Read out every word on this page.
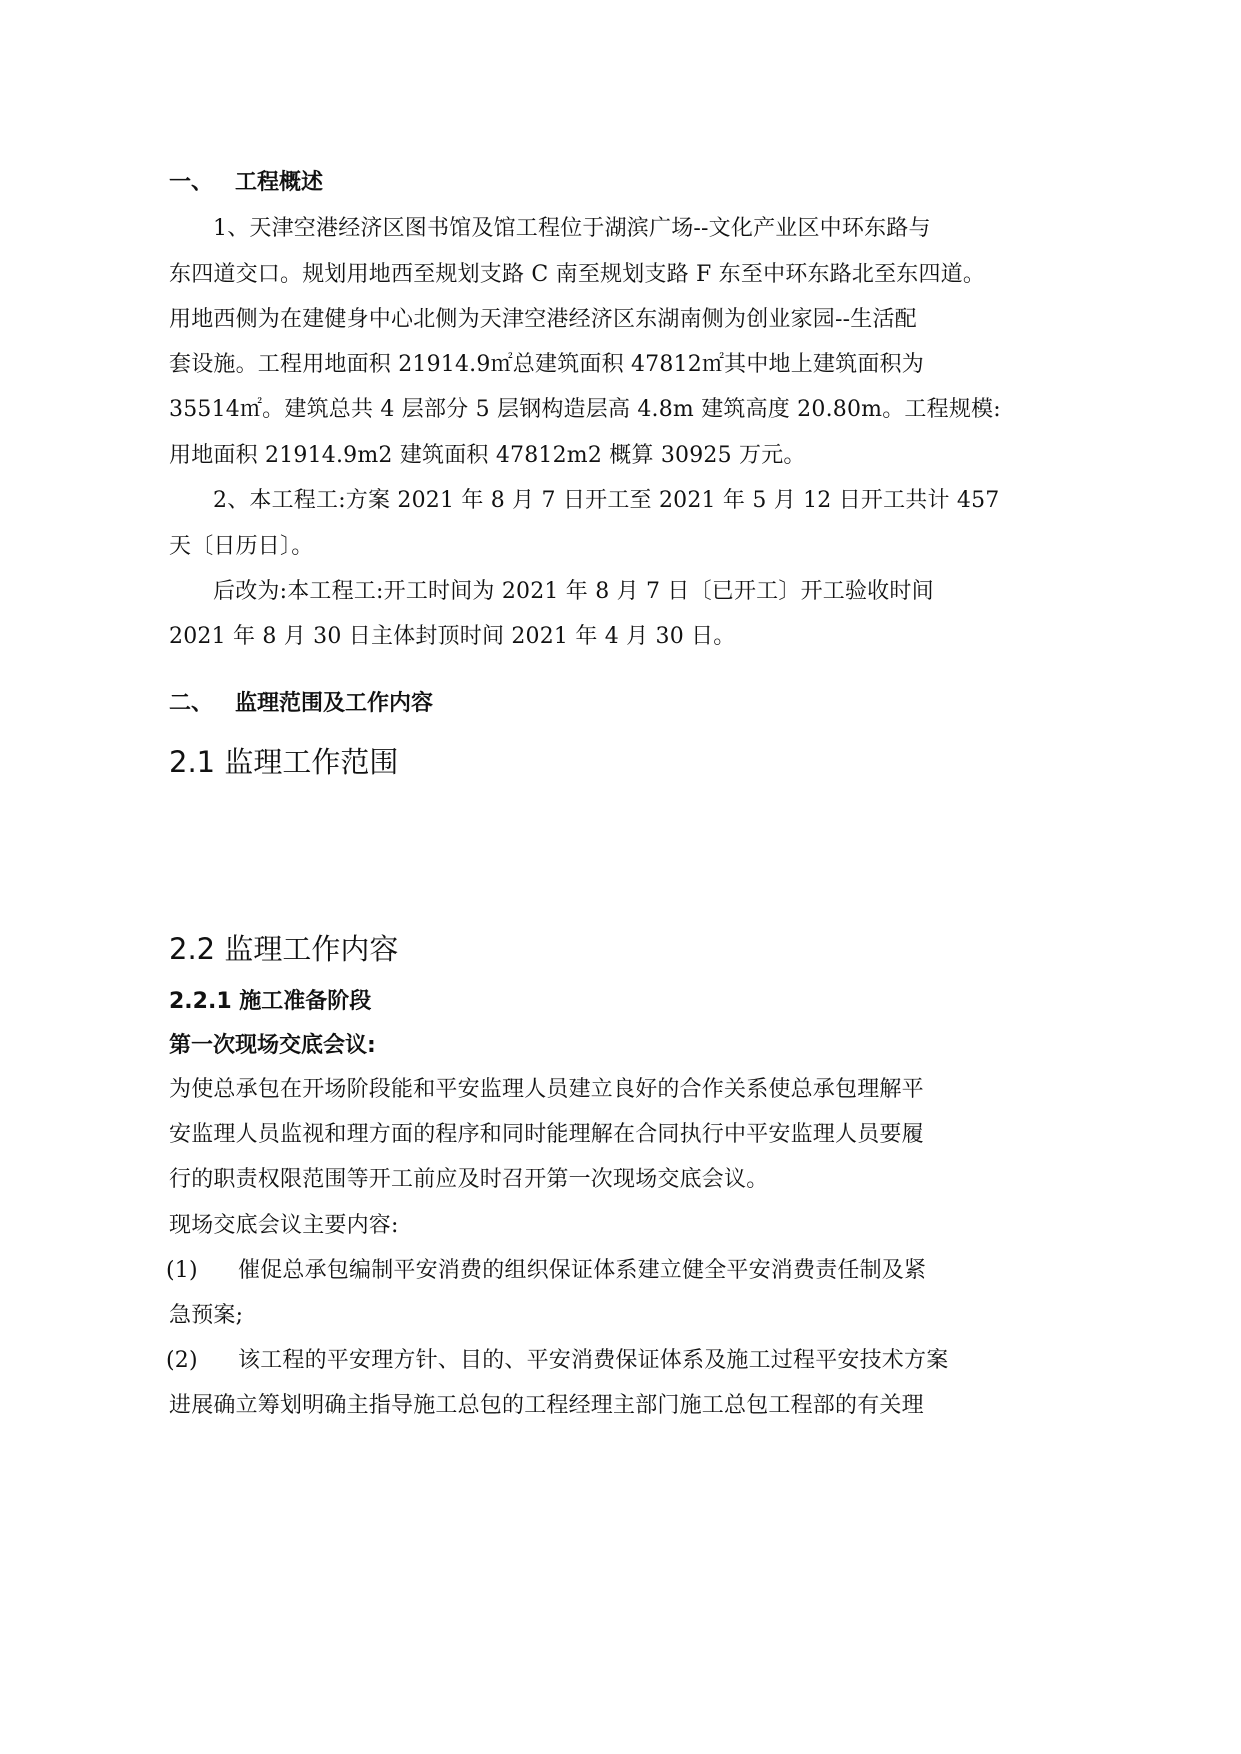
一、 工程概述
1、天津空港经济区图书馆及馆工程位于湖滨广场--文化产业区中环东路与
东四道交口。规划用地西至规划支路 C 南至规划支路 F 东至中环东路北至东四道。
用地西侧为在建健身中心北侧为天津空港经济区东湖南侧为创业家园--生活配
套设施。工程用地面积 21914.9㎡总建筑面积 47812㎡其中地上建筑面积为
35514㎡。建筑总共 4 层部分 5 层钢构造层高 4.8m 建筑高度 20.80m。工程规模:
用地面积 21914.9m2 建筑面积 47812m2 概算 30925 万元。
2、本工程工:方案 2021 年 8 月 7 日开工至 2021 年 5 月 12 日开工共计 457
天〔日历日〕。
后改为:本工程工:开工时间为 2021 年 8 月 7 日〔已开工〕开工验收时间
2021 年 8 月 30 日主体封顶时间 2021 年 4 月 30 日。
二、 监理范围及工作内容
2.1 监理工作范围
2.2 监理工作内容
2.2.1 施工准备阶段
第一次现场交底会议:
为使总承包在开场阶段能和平安监理人员建立良好的合作关系使总承包理解平
安监理人员监视和理方面的程序和同时能理解在合同执行中平安监理人员要履
行的职责权限范围等开工前应及时召开第一次现场交底会议。
现场交底会议主要内容:
(1) 催促总承包编制平安消费的组织保证体系建立健全平安消费责任制及紧
急预案;
(2) 该工程的平安理方针、目的、平安消费保证体系及施工过程平安技术方案
进展确立筹划明确主指导施工总包的工程经理主部门施工总包工程部的有关理
